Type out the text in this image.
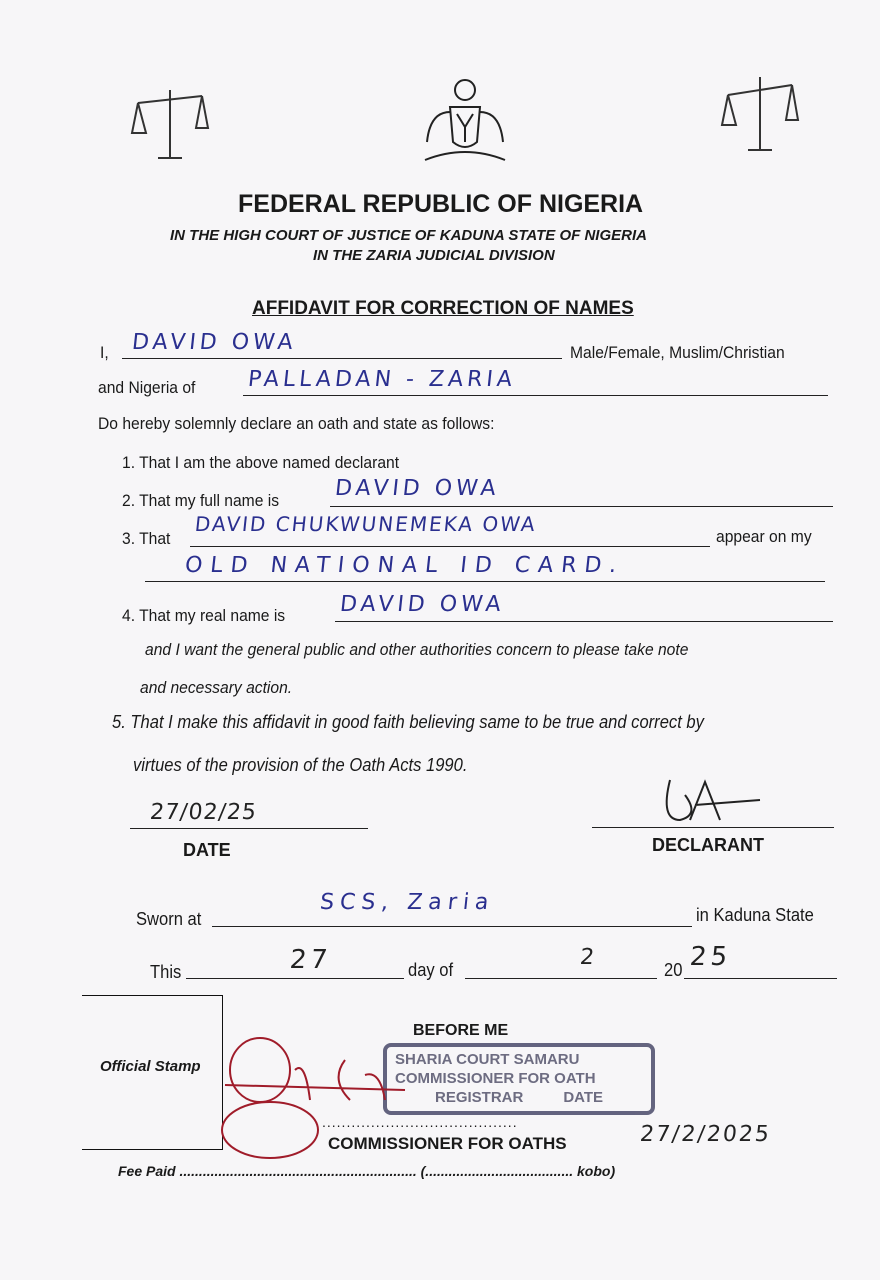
FEDERAL REPUBLIC OF NIGERIA
IN THE HIGH COURT OF JUSTICE OF KADUNA STATE OF NIGERIA
IN THE ZARIA JUDICIAL DIVISION
AFFIDAVIT FOR CORRECTION OF NAMES
I, DAVID OWA	Male/Female, Muslim/Christian
and Nigeria of PALLADAN - ZARIA
Do hereby solemnly declare an oath and state as follows:
1. That I am the above named declarant
2. That my full name is DAVID OWA
3. That
DAVID CHUKWUNEMEKA OWA
appear on my
OLD NATIONAL ID CARD.
4. That my real name is DAVID OWA
and I want the general public and other authorities concern to please take note
and necessary action.
5. That I make this affidavit in good faith believing same to be true and correct by
virtues of the provision of the Oath Acts 1990.
27/02/25
DATE	DECLARANT
Sworn at
SCS, Zaria	in Kaduna State
This	27	day of	2	20 25
Official Stamp
BEFORE ME
SHARIA COURT SAMARU
COMMISSIONER FOR OATH
REGISTRAR	DATE
........................................
COMMISSIONER FOR OATHS	27/2/2025
Fee Paid ............................................................. (...................................... kobo)
